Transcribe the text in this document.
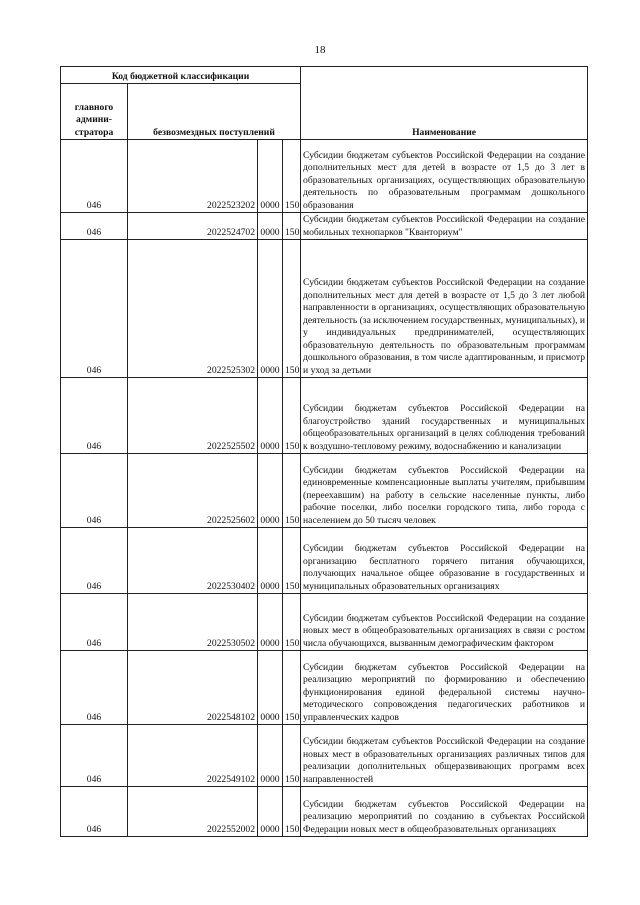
18
Код бюджетной классификации				Наименование
главного админи-стратора	безвозмездных поступлений			
046	2022523202	0000	150	Субсидии бюджетам субъектов Российской Федерации на создание дополнительных мест для детей в возрасте от 1,5 до 3 лет в образовательных организациях, осуществляющих образовательную деятельность по образовательным программам дошкольного образования
046	2022524702	0000	150	Субсидии бюджетам субъектов Российской Федерации на создание мобильных технопарков "Кванториум"
046	2022525302	0000	150	Субсидии бюджетам субъектов Российской Федерации на создание дополнительных мест для детей в возрасте от 1,5 до 3 лет любой направленности в организациях, осуществляющих образовательную деятельность (за исключением государственных, муниципальных), и у индивидуальных предпринимателей, осуществляющих образовательную деятельность по образовательным программам дошкольного образования, в том числе адаптированным, и присмотр и уход за детьми
046	2022525502	0000	150	Субсидии бюджетам субъектов Российской Федерации на благоустройство зданий государственных и муниципальных общеобразовательных организаций в целях соблюдения требований к воздушно-тепловому режиму, водоснабжению и канализации
046	2022525602	0000	150	Субсидии бюджетам субъектов Российской Федерации на единовременные компенсационные выплаты учителям, прибывшим (переехавшим) на работу в сельские населенные пункты, либо рабочие поселки, либо поселки городского типа, либо города с населением до 50 тысяч человек
046	2022530402	0000	150	Субсидии бюджетам субъектов Российской Федерации на организацию бесплатного горячего питания обучающихся, получающих начальное общее образование в государственных и муниципальных образовательных организациях
046	2022530502	0000	150	Субсидии бюджетам субъектов Российской Федерации на создание новых мест в общеобразовательных организациях в связи с ростом числа обучающихся, вызванным демографическим фактором
046	2022548102	0000	150	Субсидии бюджетам субъектов Российской Федерации на реализацию мероприятий по формированию и обеспечению функционирования единой федеральной системы научно-методического сопровождения педагогических работников и управленческих кадров
046	2022549102	0000	150	Субсидии бюджетам субъектов Российской Федерации на создание новых мест в образовательных организациях различных типов для реализации дополнительных общеразвивающих программ всех направленностей
046	2022552002	0000	150	Субсидии бюджетам субъектов Российской Федерации на реализацию мероприятий по созданию в субъектах Российской Федерации новых мест в общеобразовательных организациях
